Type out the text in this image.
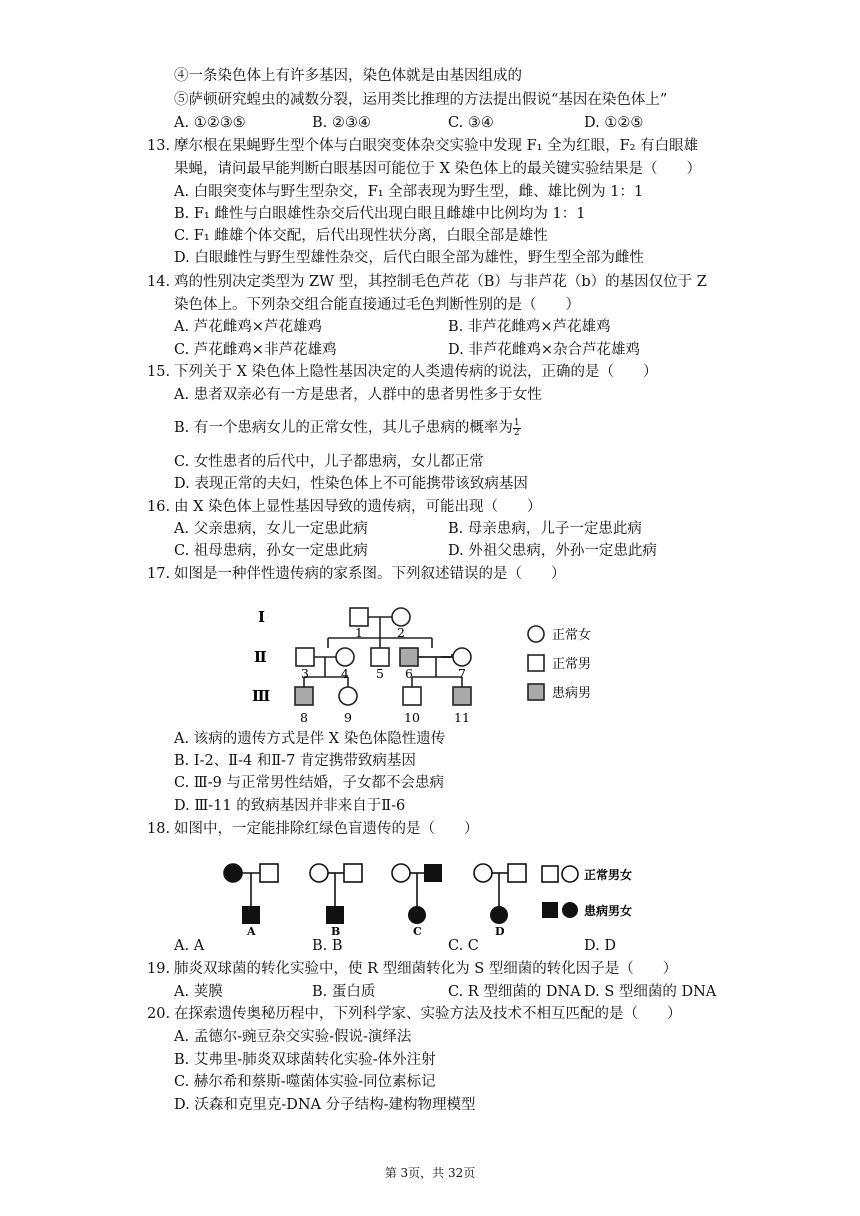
④一条染色体上有许多基因，染色体就是由基因组成的
⑤萨顿研究蝗虫的减数分裂，运用类比推理的方法提出假说“基因在染色体上”
A. ①②③⑤	B. ②③④	C. ③④	D. ①②⑤
13. 摩尔根在果蝇野生型个体与白眼突变体杂交实验中发现 F₁ 全为红眼，F₂ 有白眼雄
果蝇，请问最早能判断白眼基因可能位于 X 染色体上的最关键实验结果是（　　）
A. 白眼突变体与野生型杂交，F₁ 全部表现为野生型，雌、雄比例为 1：1
B. F₁ 雌性与白眼雄性杂交后代出现白眼且雌雄中比例均为 1：1
C. F₁ 雌雄个体交配，后代出现性状分离，白眼全部是雄性
D. 白眼雌性与野生型雄性杂交，后代白眼全部为雄性，野生型全部为雌性
14. 鸡的性别决定类型为 ZW 型，其控制毛色芦花（B）与非芦花（b）的基因仅位于 Z
染色体上。下列杂交组合能直接通过毛色判断性别的是（　　）
A. 芦花雌鸡×芦花雄鸡	B. 非芦花雌鸡×芦花雄鸡
C. 芦花雌鸡×非芦花雄鸡	D. 非芦花雌鸡×杂合芦花雄鸡
15. 下列关于 X 染色体上隐性基因决定的人类遗传病的说法，正确的是（　　）
A. 患者双亲必有一方是患者，人群中的患者男性多于女性
B. 有一个患病女儿的正常女性，其儿子患病的概率为 $\frac{1}{2}$
C. 女性患者的后代中，儿子都患病，女儿都正常
D. 表现正常的夫妇，性染色体上不可能携带该致病基因
16. 由 X 染色体上显性基因导致的遗传病，可能出现（　　）
A. 父亲患病，女儿一定患此病	B. 母亲患病，儿子一定患此病
C. 祖母患病，孙女一定患此病	D. 外祖父患病，外孙一定患此病
17. 如图是一种伴性遗传病的家系图。下列叙述错误的是（　　）
Ⅰ
Ⅱ
Ⅲ
1	2
3	4 5 6	7
8	9	10	11
正常女
正常男
患病男
A. 该病的遗传方式是伴 X 染色体隐性遗传
B. Ⅰ-2、Ⅱ-4 和Ⅱ-7 肯定携带致病基因
C. Ⅲ-9 与正常男性结婚，子女都不会患病
D. Ⅲ-11 的致病基因并非来自于Ⅱ-6
18. 如图中，一定能排除红绿色盲遗传的是（　　）
A	B	C	D
正常男女
患病男女
A. A	B. B	C. C	D. D
19. 肺炎双球菌的转化实验中，使 R 型细菌转化为 S 型细菌的转化因子是（　　）
A. 荚膜	B. 蛋白质	C. R 型细菌的 DNA D. S 型细菌的 DNA
20. 在探索遗传奥秘历程中，下列科学家、实验方法及技术不相互匹配的是（　　）
A. 孟德尔-豌豆杂交实验-假说-演绎法
B. 艾弗里-肺炎双球菌转化实验-体外注射
C. 赫尔希和蔡斯-噬菌体实验-同位素标记
D. 沃森和克里克-DNA 分子结构-建构物理模型
第 3页，共 32页
